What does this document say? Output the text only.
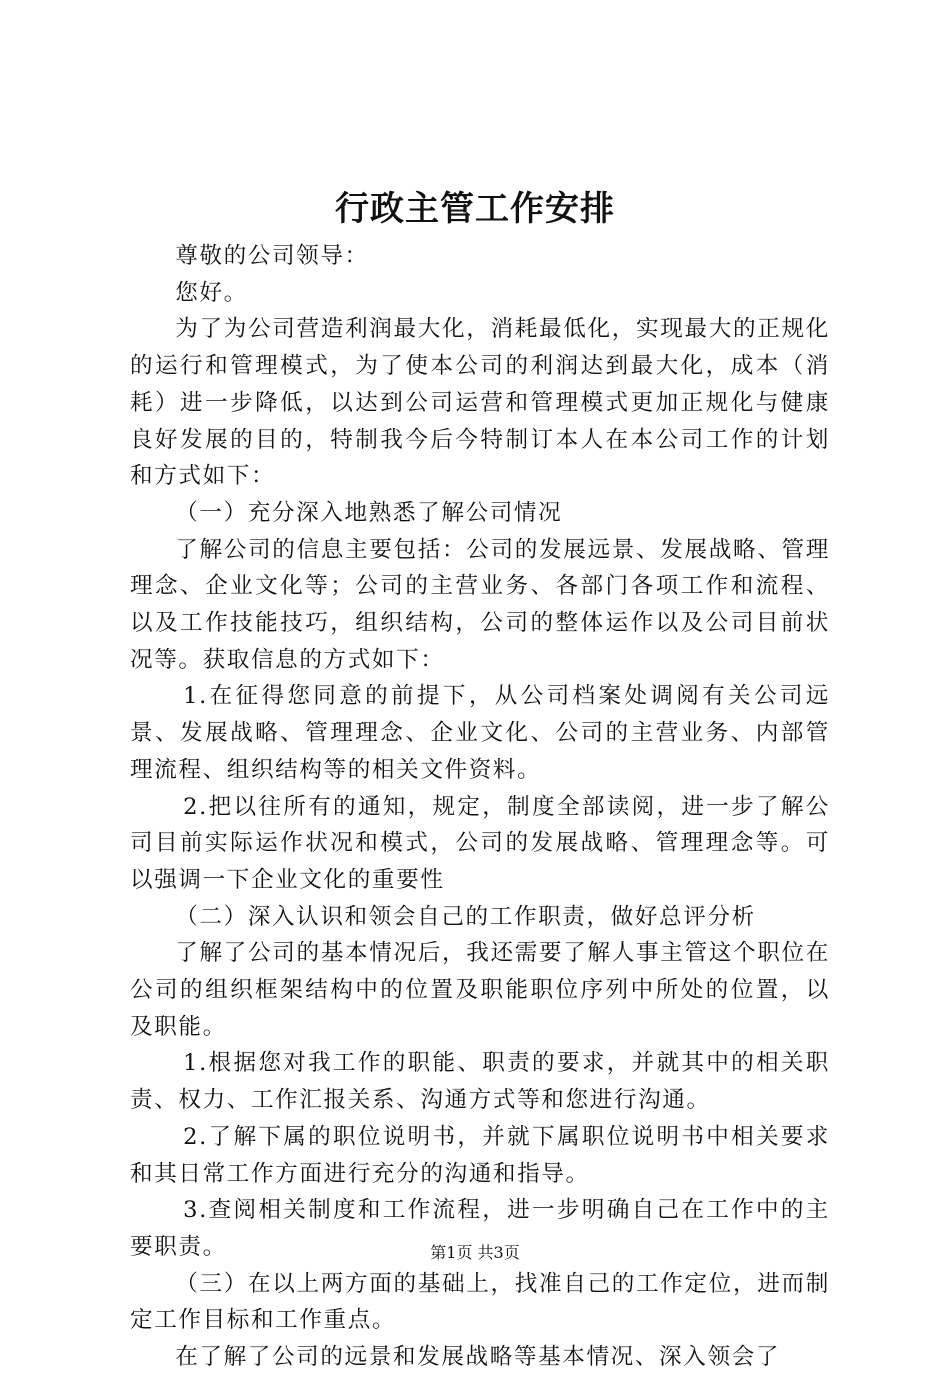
行政主管工作安排

尊敬的公司领导：

您好。

为了为公司营造利润最大化，消耗最低化，实现最大的正规化的运行和管理模式，为了使本公司的利润达到最大化，成本（消耗）进一步降低，以达到公司运营和管理模式更加正规化与健康良好发展的目的，特制我今后今特制订本人在本公司工作的计划和方式如下：

（一）充分深入地熟悉了解公司情况

了解公司的信息主要包括：公司的发展远景、发展战略、管理理念、企业文化等；公司的主营业务、各部门各项工作和流程、以及工作技能技巧，组织结构，公司的整体运作以及公司目前状况等。获取信息的方式如下：

1.在征得您同意的前提下，从公司档案处调阅有关公司远景、发展战略、管理理念、企业文化、公司的主营业务、内部管理流程、组织结构等的相关文件资料。

2.把以往所有的通知，规定，制度全部读阅，进一步了解公司目前实际运作状况和模式，公司的发展战略、管理理念等。可以强调一下企业文化的重要性

（二）深入认识和领会自己的工作职责，做好总评分析

了解了公司的基本情况后，我还需要了解人事主管这个职位在公司的组织框架结构中的位置及职能职位序列中所处的位置，以及职能。

1.根据您对我工作的职能、职责的要求，并就其中的相关职责、权力、工作汇报关系、沟通方式等和您进行沟通。

2.了解下属的职位说明书，并就下属职位说明书中相关要求和其日常工作方面进行充分的沟通和指导。

3.查阅相关制度和工作流程，进一步明确自己在工作中的主要职责。

（三）在以上两方面的基础上，找准自己的工作定位，进而制定工作目标和工作重点。

在了解了公司的远景和发展战略等基本情况、深入领会了

第1页 共3页
